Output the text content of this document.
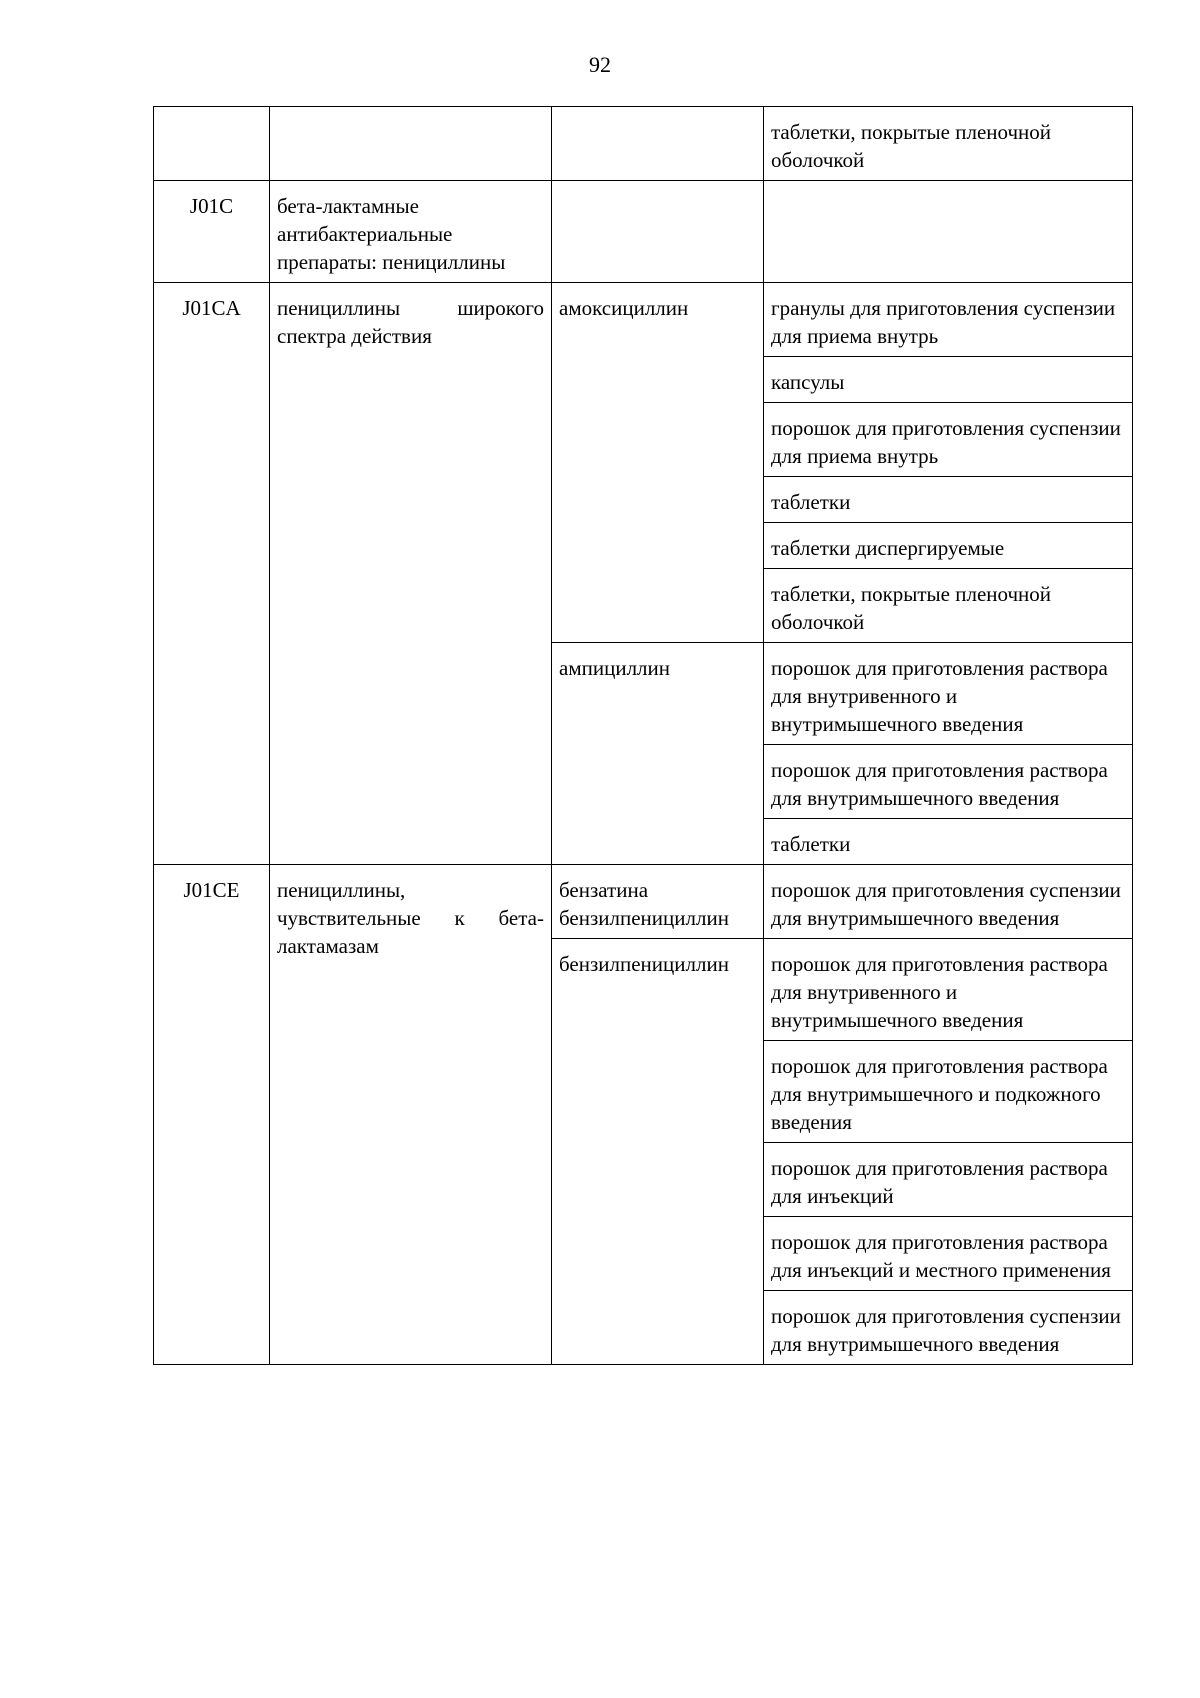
92
			таблетки, покрытые пленочной оболочкой
J01C	бета-лактамные антибактериальные препараты: пенициллины		
J01CA	пенициллины широкого спектра действия	амоксициллин	гранулы для приготовления суспензии для приема внутрь
			капсулы
			порошок для приготовления суспензии для приема внутрь
			таблетки
			таблетки диспергируемые
			таблетки, покрытые пленочной оболочкой
		ампициллин	порошок для приготовления раствора для внутривенного и внутримышечного введения
			порошок для приготовления раствора для внутримышечного введения
			таблетки
J01CE	пенициллины, чувствительные к бета-лактамазам	бензатина бензилпенициллин	порошок для приготовления суспензии для внутримышечного введения
		бензилпенициллин	порошок для приготовления раствора для внутривенного и внутримышечного введения
			порошок для приготовления раствора для внутримышечного и подкожного введения
			порошок для приготовления раствора для инъекций
			порошок для приготовления раствора для инъекций и местного применения
			порошок для приготовления суспензии для внутримышечного введения
